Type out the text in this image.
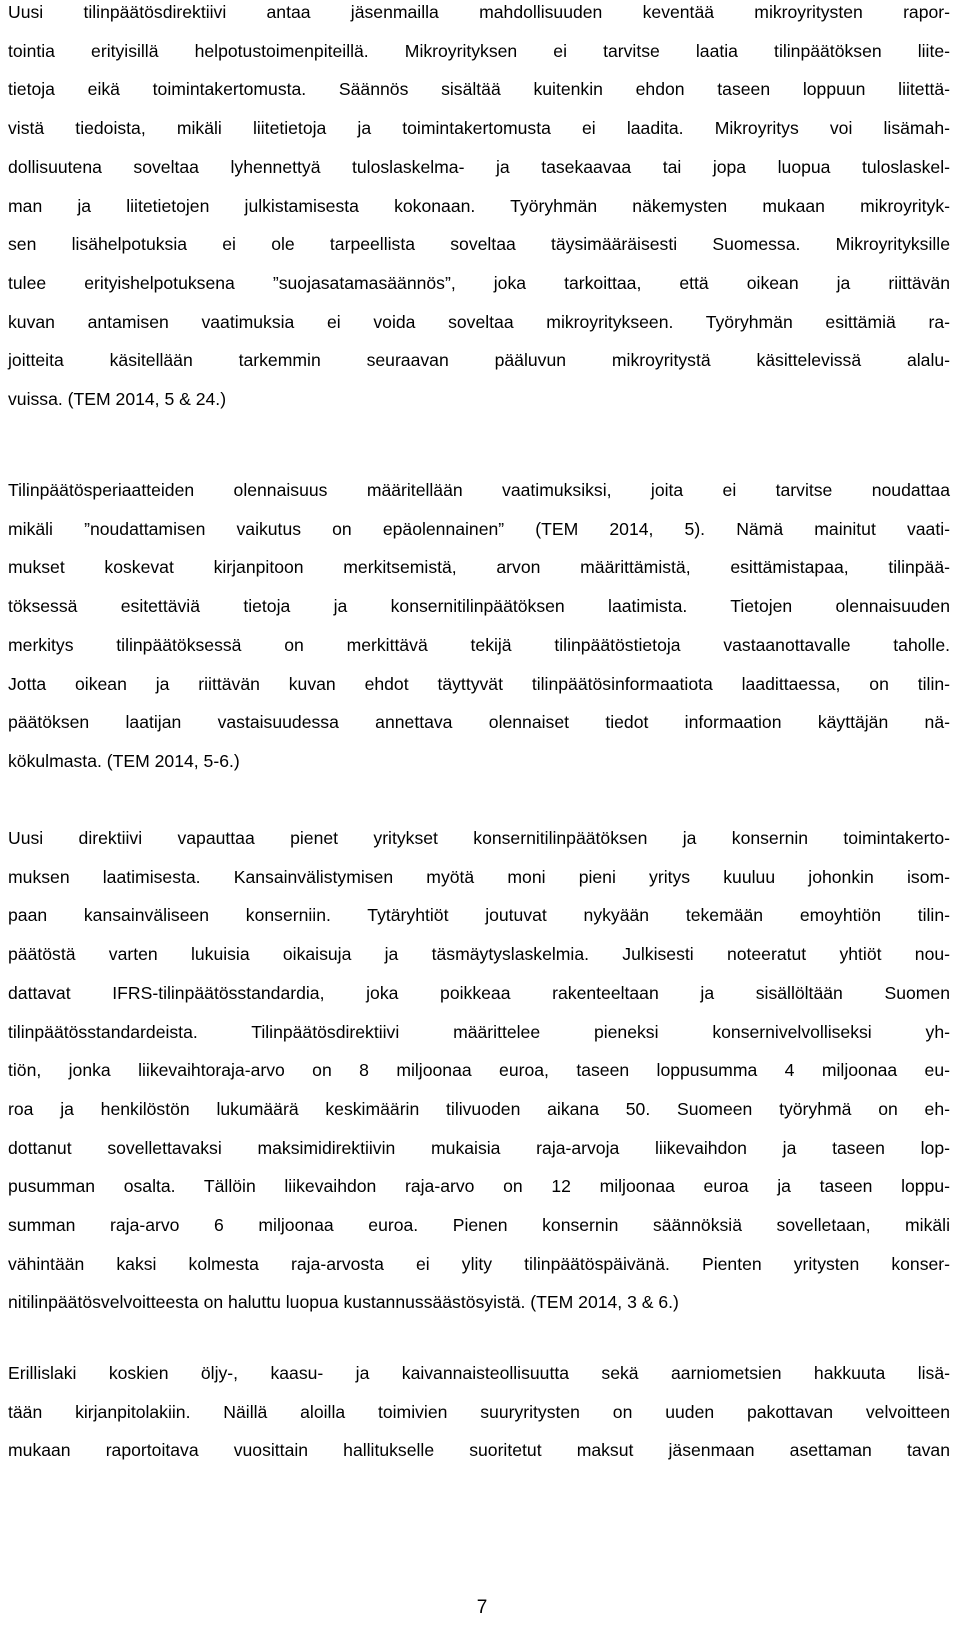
Uusi tilinpäätösdirektiivi antaa jäsenmailla mahdollisuuden keventää mikroyritysten rapor-
tointia erityisillä helpotustoimenpiteillä. Mikroyrityksen ei tarvitse laatia tilinpäätöksen liite-
tietoja eikä toimintakertomusta. Säännös sisältää kuitenkin ehdon taseen loppuun liitettä-
vistä tiedoista, mikäli liitetietoja ja toimintakertomusta ei laadita. Mikroyritys voi lisämah-
dollisuutena soveltaa lyhennettyä tuloslaskelma- ja tasekaavaa tai jopa luopua tuloslaskel-
man ja liitetietojen julkistamisesta kokonaan. Työryhmän näkemysten mukaan mikroyrityk-
sen lisähelpotuksia ei ole tarpeellista soveltaa täysimääräisesti Suomessa. Mikroyrityksille
tulee erityishelpotuksena ”suojasatamasäännös”, joka tarkoittaa, että oikean ja riittävän
kuvan antamisen vaatimuksia ei voida soveltaa mikroyritykseen. Työryhmän esittämiä ra-
joitteita käsitellään tarkemmin seuraavan pääluvun mikroyritystä käsittelevissä alalu-
vuissa. (TEM 2014, 5 & 24.)
Tilinpäätösperiaatteiden olennaisuus määritellään vaatimuksiksi, joita ei tarvitse noudattaa
mikäli ”noudattamisen vaikutus on epäolennainen” (TEM 2014, 5). Nämä mainitut vaati-
mukset koskevat kirjanpitoon merkitsemistä, arvon määrittämistä, esittämistapaa, tilinpää-
töksessä esitettäviä tietoja ja konsernitilinpäätöksen laatimista. Tietojen olennaisuuden
merkitys tilinpäätöksessä on merkittävä tekijä tilinpäätöstietoja vastaanottavalle taholle.
Jotta oikean ja riittävän kuvan ehdot täyttyvät tilinpäätösinformaatiota laadittaessa, on tilin-
päätöksen laatijan vastaisuudessa annettava olennaiset tiedot informaation käyttäjän nä-
kökulmasta. (TEM 2014, 5-6.)
Uusi direktiivi vapauttaa pienet yritykset konsernitilinpäätöksen ja konsernin toimintakerto-
muksen laatimisesta. Kansainvälistymisen myötä moni pieni yritys kuuluu johonkin isom-
paan kansainväliseen konserniin. Tytäryhtiöt joutuvat nykyään tekemään emoyhtiön tilin-
päätöstä varten lukuisia oikaisuja ja täsmäytyslaskelmia. Julkisesti noteeratut yhtiöt nou-
dattavat IFRS-tilinpäätösstandardia, joka poikkeaa rakenteeltaan ja sisällöltään Suomen
tilinpäätösstandardeista. Tilinpäätösdirektiivi määrittelee pieneksi konsernivelvolliseksi yh-
tiön, jonka liikevaihtoraja-arvo on 8 miljoonaa euroa, taseen loppusumma 4 miljoonaa eu-
roa ja henkilöstön lukumäärä keskimäärin tilivuoden aikana 50. Suomeen työryhmä on eh-
dottanut sovellettavaksi maksimidirektiivin mukaisia raja-arvoja liikevaihdon ja taseen lop-
pusumman osalta. Tällöin liikevaihdon raja-arvo on 12 miljoonaa euroa ja taseen loppu-
summan raja-arvo 6 miljoonaa euroa. Pienen konsernin säännöksiä sovelletaan, mikäli
vähintään kaksi kolmesta raja-arvosta ei ylity tilinpäätöspäivänä. Pienten yritysten konser-
nitilinpäätösvelvoitteesta on haluttu luopua kustannussäästösyistä. (TEM 2014, 3 & 6.)
Erillislaki koskien öljy-, kaasu- ja kaivannaisteollisuutta sekä aarniometsien hakkuuta lisä-
tään kirjanpitolakiin. Näillä aloilla toimivien suuryritysten on uuden pakottavan velvoitteen
mukaan raportoitava vuosittain hallitukselle suoritetut maksut jäsenmaan asettaman tavan
7
